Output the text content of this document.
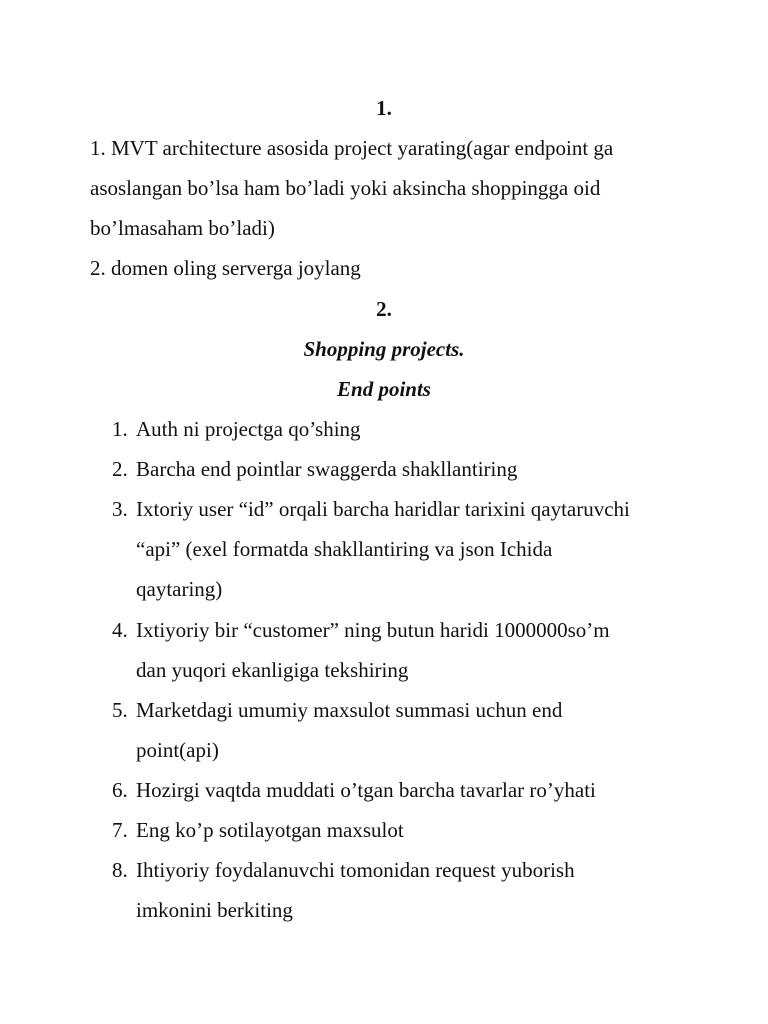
1.
1. MVT architecture asosida project yarating(agar endpoint ga
asoslangan bo’lsa ham bo’ladi yoki aksincha shoppingga oid
bo’lmasaham bo’ladi)
2. domen oling serverga joylang
2.
Shopping projects.
End points
1. Auth ni projectga qo’shing
2. Barcha end pointlar swaggerda shakllantiring
3. Ixtoriy user “id” orqali barcha haridlar tarixini qaytaruvchi
“api” (exel formatda shakllantiring va json Ichida
qaytaring)
4. Ixtiyoriy bir “customer” ning butun haridi 1000000so’m
dan yuqori ekanligiga tekshiring
5. Marketdagi umumiy maxsulot summasi uchun end
point(api)
6. Hozirgi vaqtda muddati o’tgan barcha tavarlar ro’yhati
7. Eng ko’p sotilayotgan maxsulot
8. Ihtiyoriy foydalanuvchi tomonidan request yuborish
imkonini berkiting
